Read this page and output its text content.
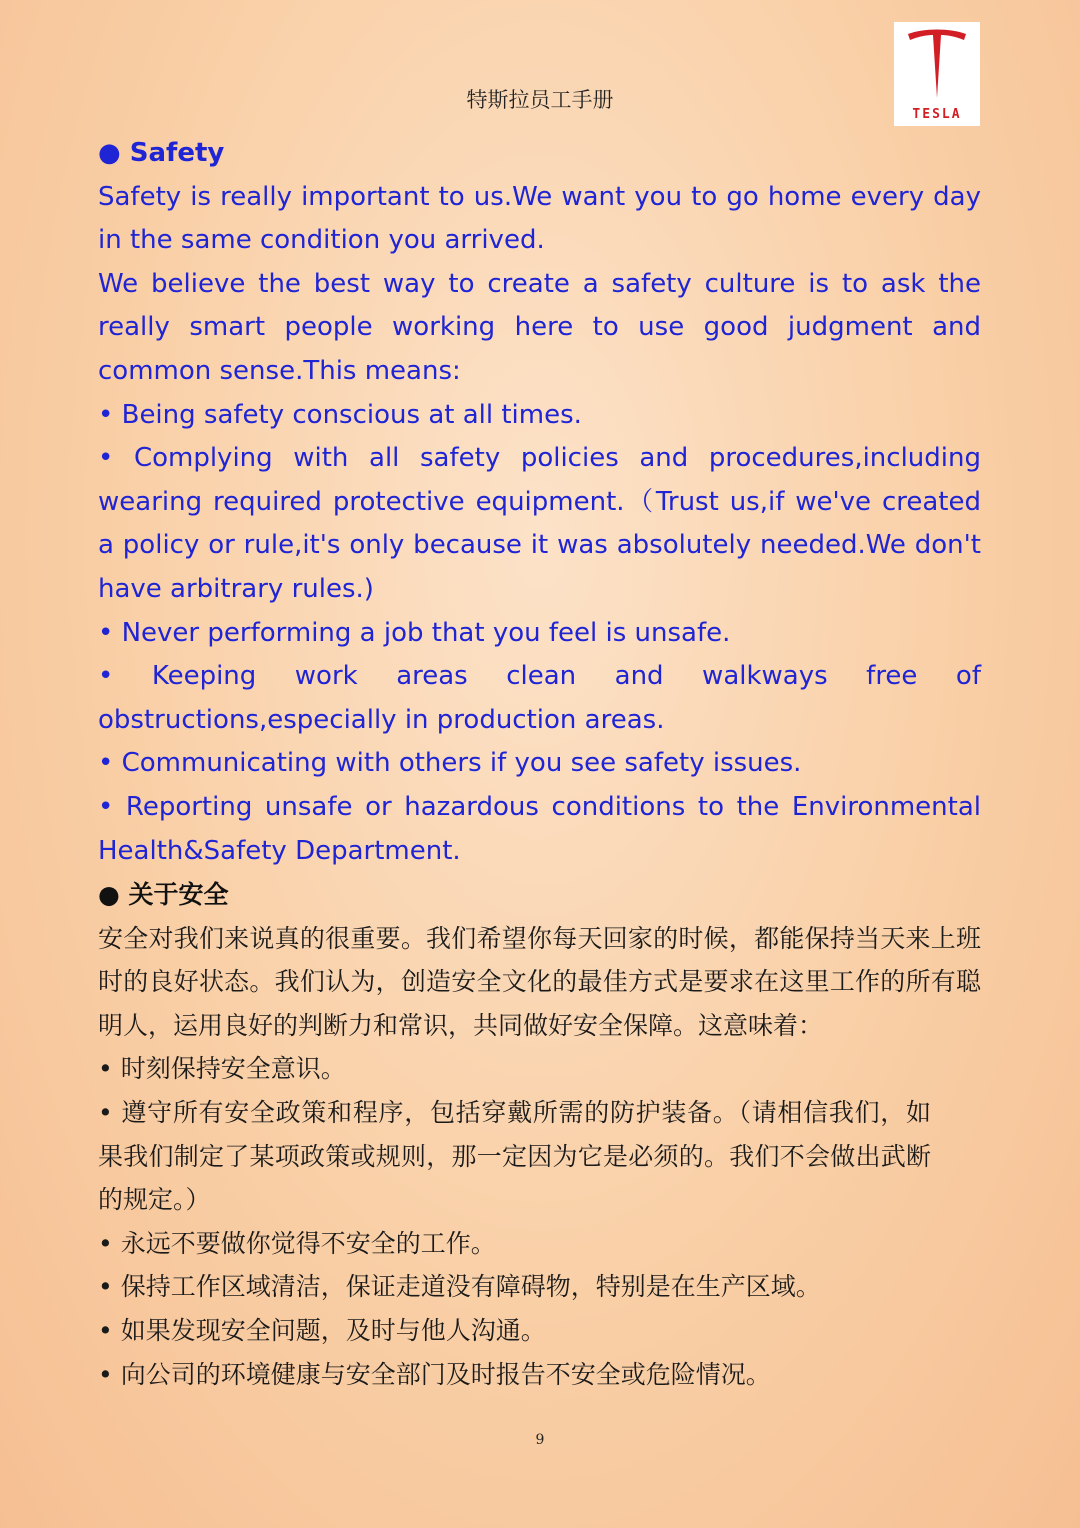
特斯拉员工手册
TESLA
● Safety

Safety is really important to us.We want you to go home every day in the same condition you arrived.

We believe the best way to create a safety culture is to ask the really smart people working here to use good judgment and common sense.This means:

• Being safety conscious at all times.

• Complying with all safety policies and procedures,including wearing required protective equipment.（Trust us,if we've created a policy or rule,it's only because it was absolutely needed.We don't have arbitrary rules.)

• Never performing a job that you feel is unsafe.

• Keeping work areas clean and walkways free of obstructions,especially in production areas.

• Communicating with others if you see safety issues.

• Reporting unsafe or hazardous conditions to the Environmental Health&Safety Department.

● 关于安全

安全对我们来说真的很重要。我们希望你每天回家的时候，都能保持当天来上班时的良好状态。我们认为，创造安全文化的最佳方式是要求在这里工作的所有聪明人，运用良好的判断力和常识，共同做好安全保障。这意味着：

• 时刻保持安全意识。

• 遵守所有安全政策和程序，包括穿戴所需的防护装备。（请相信我们，如果我们制定了某项政策或规则，那一定因为它是必须的。我们不会做出武断的规定。）

• 永远不要做你觉得不安全的工作。

• 保持工作区域清洁，保证走道没有障碍物，特别是在生产区域。

• 如果发现安全问题，及时与他人沟通。

• 向公司的环境健康与安全部门及时报告不安全或危险情况。

9
